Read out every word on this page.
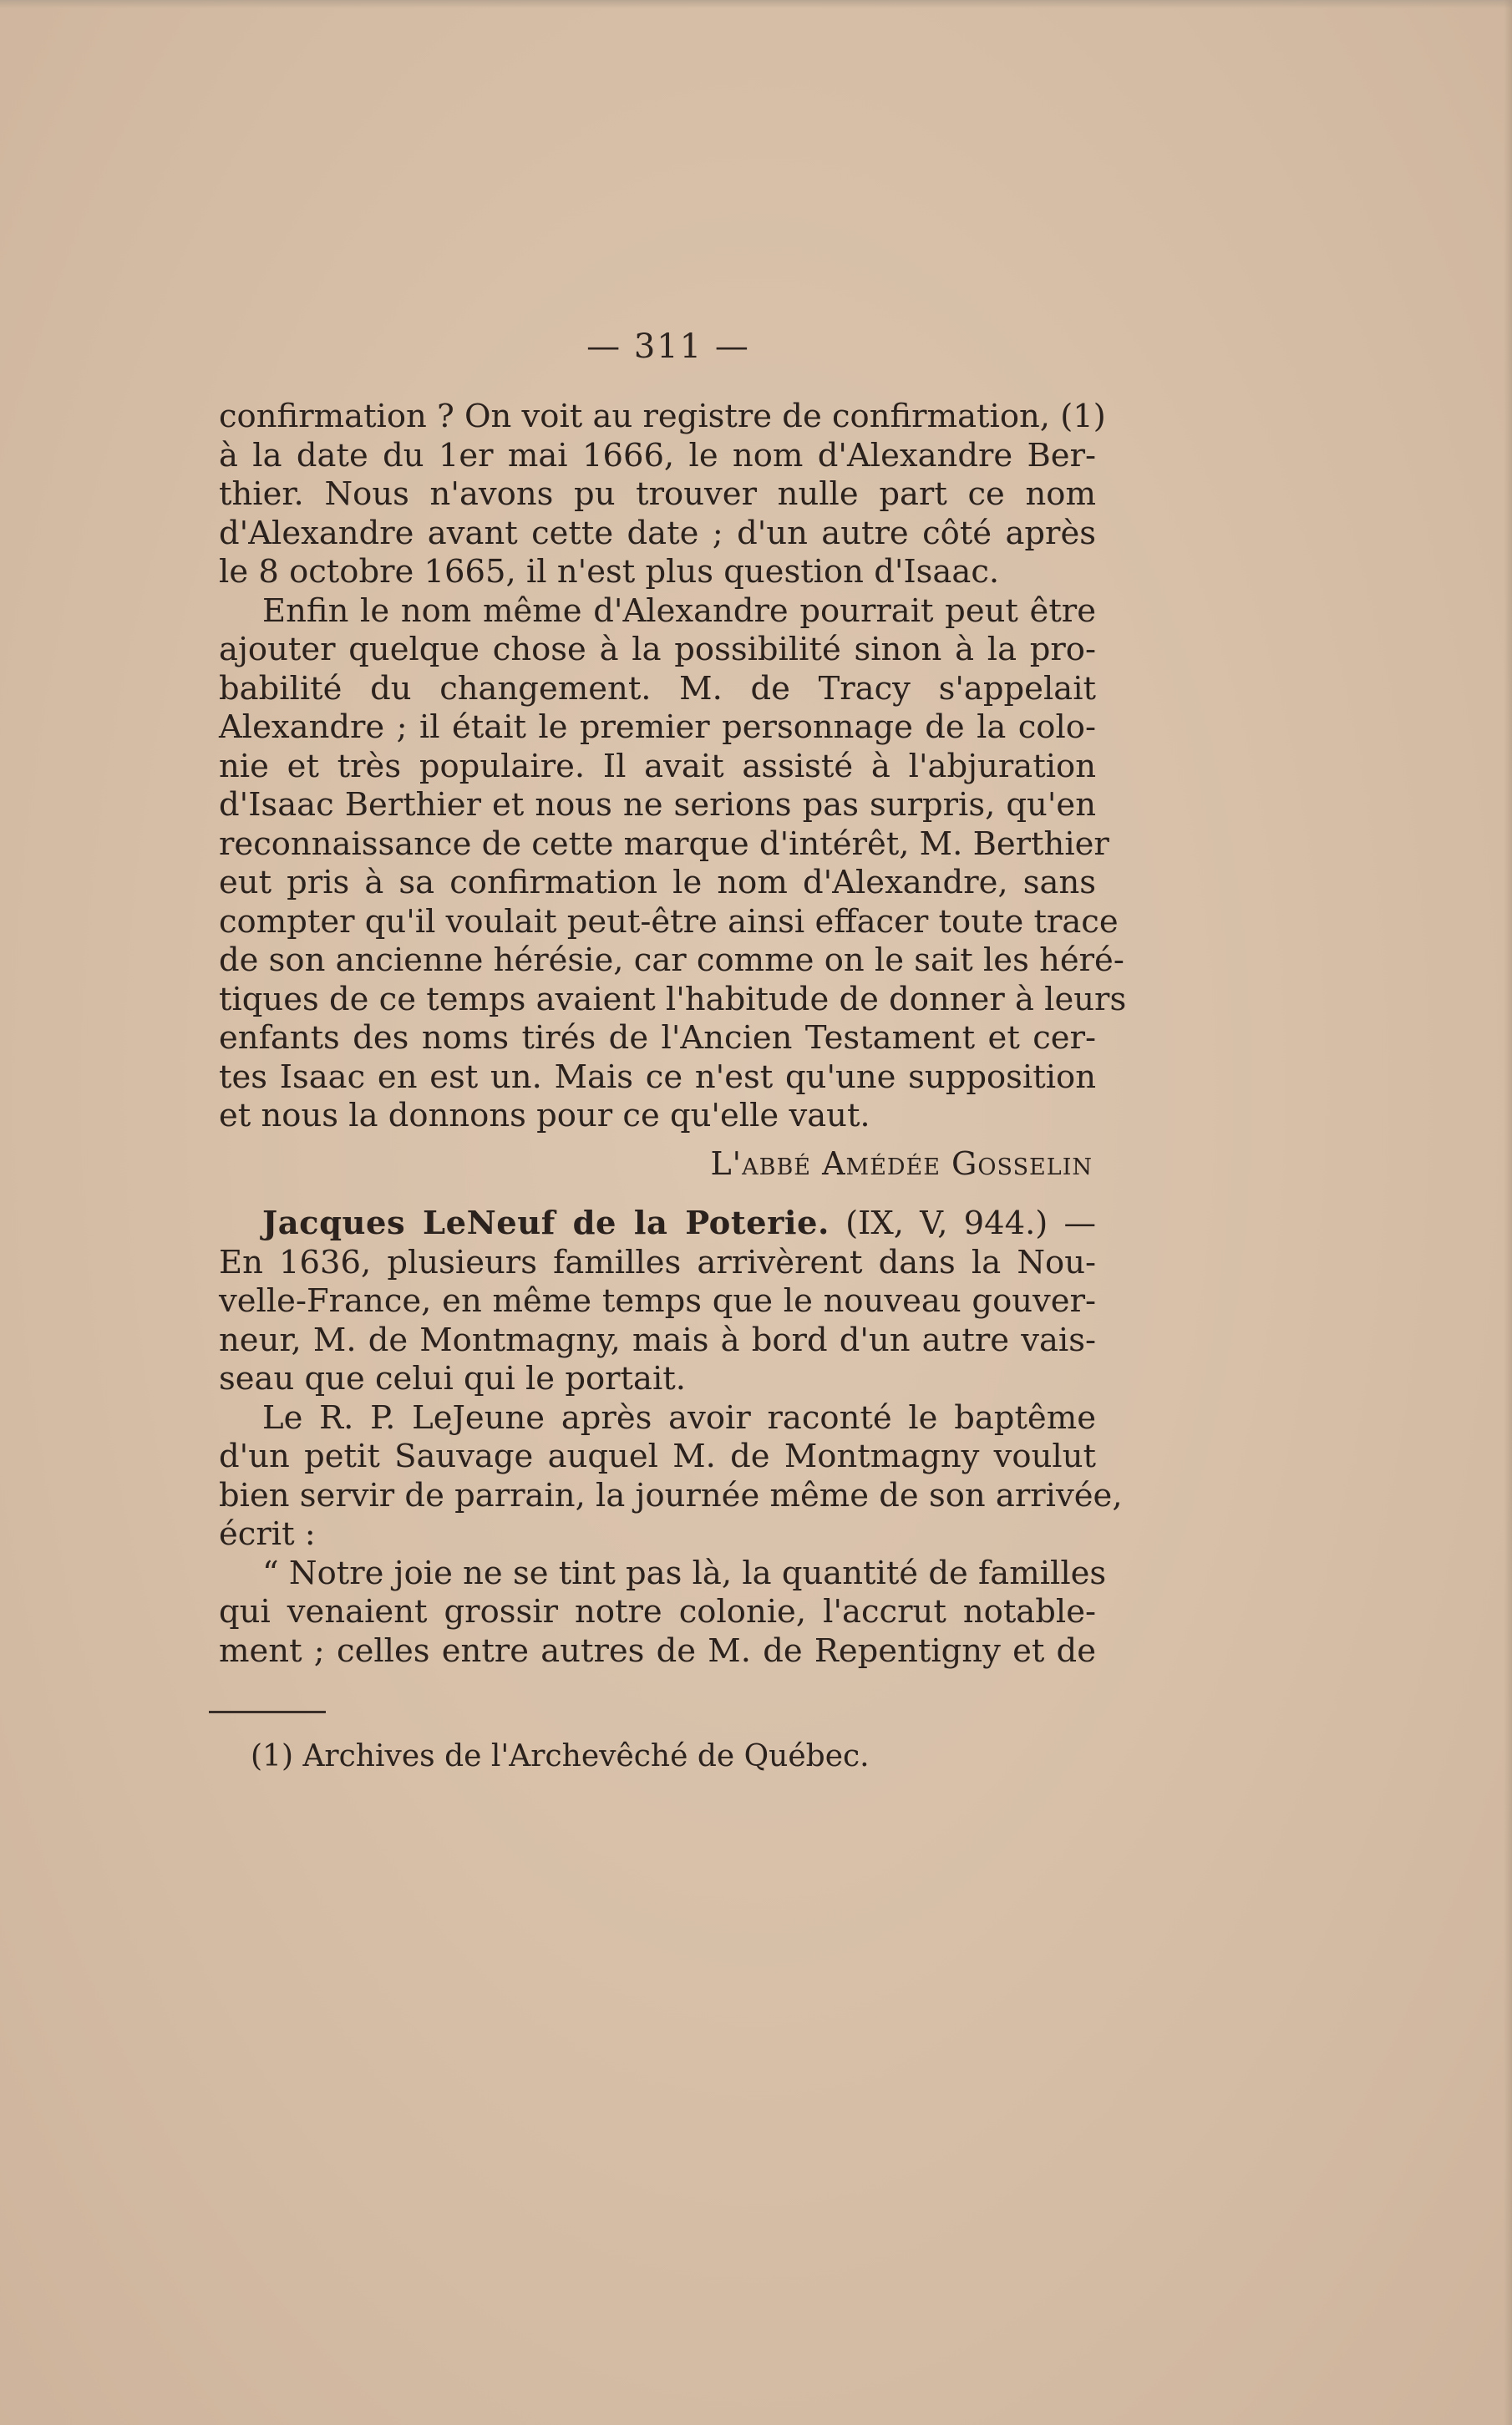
— 311 —
confirmation ? On voit au registre de confirmation, (1)
à la date du 1er mai 1666, le nom d'Alexandre Ber-
thier. Nous n'avons pu trouver nulle part ce nom
d'Alexandre avant cette date ; d'un autre côté après
le 8 octobre 1665, il n'est plus question d'Isaac.
Enfin le nom même d'Alexandre pourrait peut être
ajouter quelque chose à la possibilité sinon à la pro-
babilité du changement. M. de Tracy s'appelait
Alexandre ; il était le premier personnage de la colo-
nie et très populaire. Il avait assisté à l'abjuration
d'Isaac Berthier et nous ne serions pas surpris, qu'en
reconnaissance de cette marque d'intérêt, M. Berthier
eut pris à sa confirmation le nom d'Alexandre, sans
compter qu'il voulait peut-être ainsi effacer toute trace
de son ancienne hérésie, car comme on le sait les héré-
tiques de ce temps avaient l'habitude de donner à leurs
enfants des noms tirés de l'Ancien Testament et cer-
tes Isaac en est un. Mais ce n'est qu'une supposition
et nous la donnons pour ce qu'elle vaut.
L'abbé Amédée Gosselin
Jacques LeNeuf de la Poterie. (IX, V, 944.) —
En 1636, plusieurs familles arrivèrent dans la Nou-
velle-France, en même temps que le nouveau gouver-
neur, M. de Montmagny, mais à bord d'un autre vais-
seau que celui qui le portait.
Le R. P. LeJeune après avoir raconté le baptême
d'un petit Sauvage auquel M. de Montmagny voulut
bien servir de parrain, la journée même de son arrivée,
écrit :
“ Notre joie ne se tint pas là, la quantité de familles
qui venaient grossir notre colonie, l'accrut notable-
ment ; celles entre autres de M. de Repentigny et de
(1) Archives de l'Archevêché de Québec.
